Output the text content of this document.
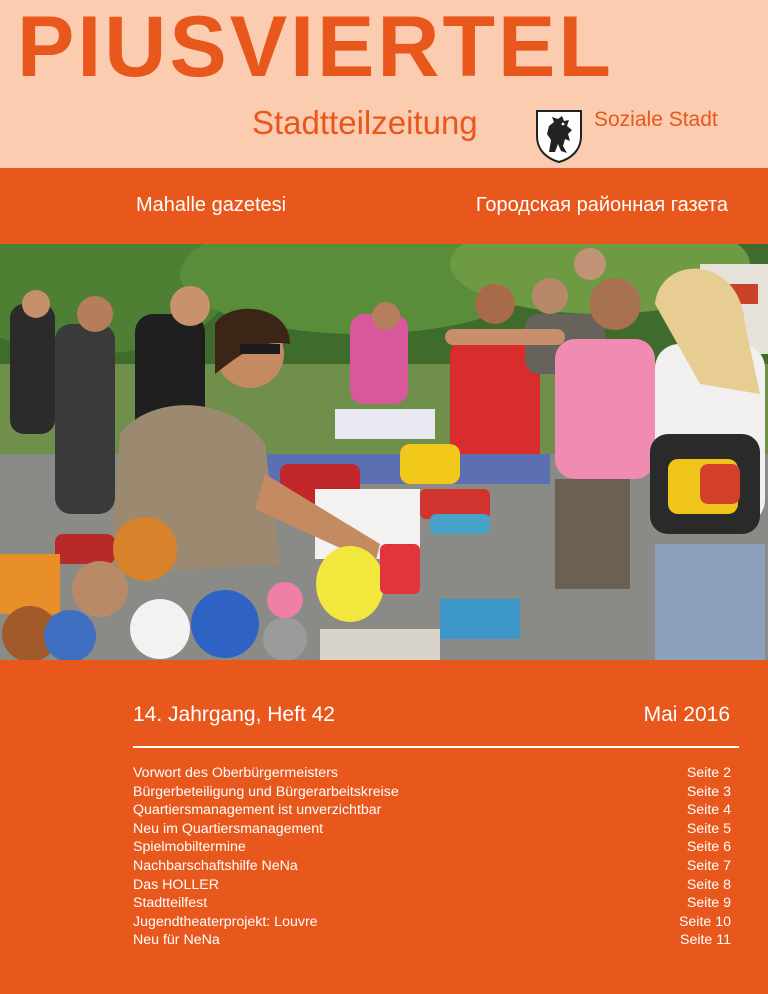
PIUSVIERTEL
Stadtteilzeitung	Soziale Stadt
Mahalle gazetesi	Городская районная газета
14. Jahrgang, Heft 42	Mai 2016
Vorwort des Oberbürgermeisters	Seite 2
Bürgerbeteiligung und Bürgerarbeitskreise	Seite 3
Quartiersmanagement ist unverzichtbar	Seite 4
Neu im Quartiersmanagement	Seite 5
Spielmobiltermine	Seite 6
Nachbarschaftshilfe NeNa	Seite 7
Das HOLLER	Seite 8
Stadtteilfest	Seite 9
Jugendtheaterprojekt: Louvre	Seite 10
Neu für NeNa	Seite 11
